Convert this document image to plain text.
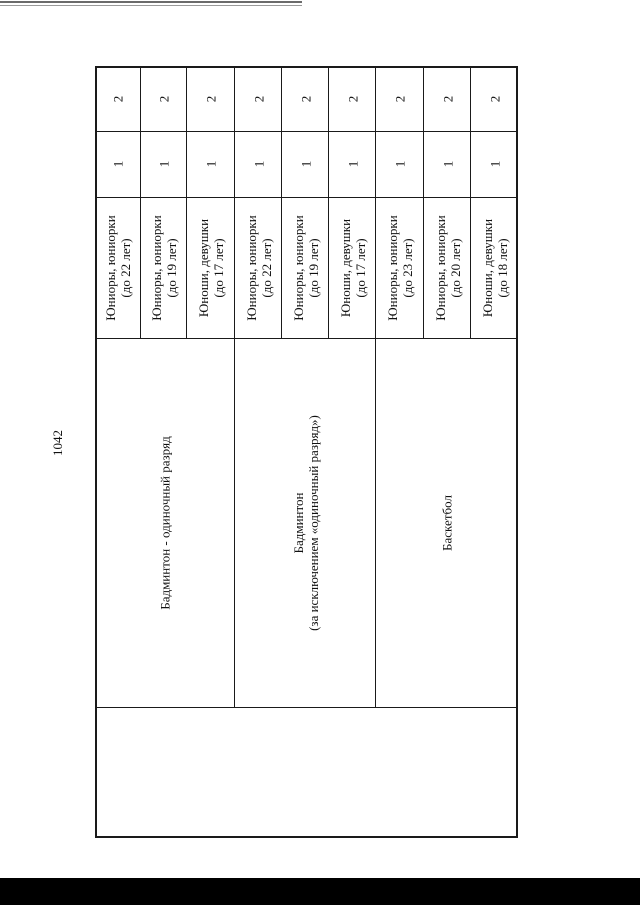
1042
2
1
Юниоры, юниорки (до 22 лет)
Бадминтон - одиночный разряд
2
1
Юниоры, юниорки (до 19 лет)
2
1
Юноши, девушки (до 17 лет)
2
1
Юниоры, юниорки (до 22 лет)
Бадминтон (за исключением «одиночный разряд»)
2
1
Юниоры, юниорки (до 19 лет)
2
1
Юноши, девушки (до 17 лет)
2
1
Юниоры, юниорки (до 23 лет)
Баскетбол
2
1
Юниоры, юниорки (до 20 лет)
2
1
Юноши, девушки (до 18 лет)
